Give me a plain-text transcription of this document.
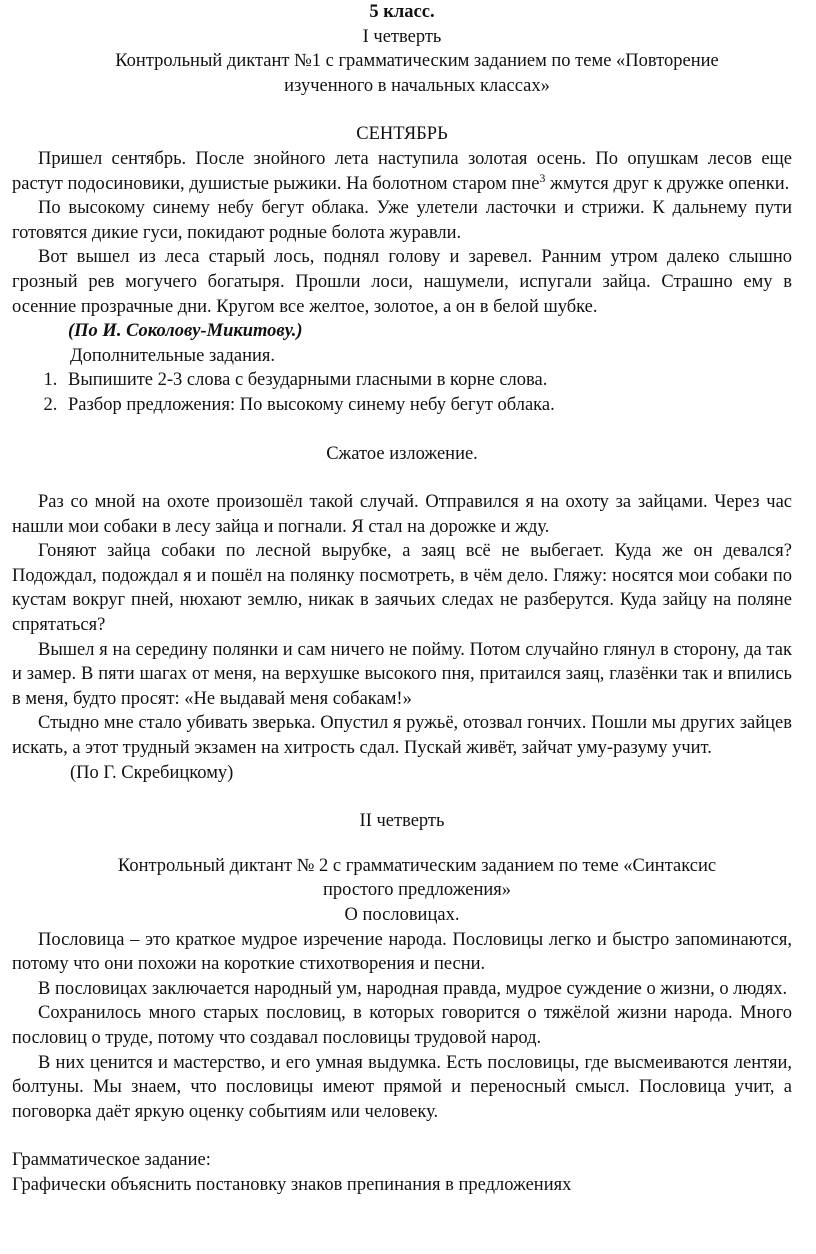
5 класс.

I четверть

Контрольный диктант №1 с грамматическим заданием по теме «Повторение изученного в начальных классах»

СЕНТЯБРЬ

Пришел сентябрь. После знойного лета наступила золотая осень. По опушкам лесов еще растут подосиновики, душистые рыжики. На болотном старом пне$^3$ жмутся друг к дружке опенки.

По высокому синему небу бегут облака. Уже улетели ласточки и стрижи. К дальнему пути готовятся дикие гуси, покидают родные болота журавли.

Вот вышел из леса старый лось, поднял голову и заревел. Ранним утром далеко слышно грозный рев могучего богатыря. Прошли лоси, нашумели, испугали зайца. Страшно ему в осенние прозрачные дни. Кругом все желтое, золотое, а он в белой шубке.

(По И. Соколову-Микитову.)

Дополнительные задания.

1. Выпишите 2-3 слова с безударными гласными в корне слова.
2. Разбор предложения: По высокому синему небу бегут облака.

Сжатое изложение.

Раз со мной на охоте произошёл такой случай. Отправился я на охоту за зайцами. Через час нашли мои собаки в лесу зайца и погнали. Я стал на дорожке и жду.

Гоняют зайца собаки по лесной вырубке, а заяц всё не выбегает. Куда же он девался? Подождал, подождал я и пошёл на полянку посмотреть, в чём дело. Гляжу: носятся мои собаки по кустам вокруг пней, нюхают землю, никак в заячьих следах не разберутся. Куда зайцу на поляне спрятаться?

Вышел я на середину полянки и сам ничего не пойму. Потом случайно глянул в сторону, да так и замер. В пяти шагах от меня, на верхушке высокого пня, притаился заяц, глазёнки так и впились в меня, будто просят: «Не выдавай меня собакам!»

Стыдно мне стало убивать зверька. Опустил я ружьё, отозвал гончих. Пошли мы других зайцев искать, а этот трудный экзамен на хитрость сдал. Пускай живёт, зайчат уму-разуму учит.

(По Г. Скребицкому)

II четверть

Контрольный диктант № 2 с грамматическим заданием по теме «Синтаксис простого предложения»

О пословицах.

Пословица – это краткое мудрое изречение народа. Пословицы легко и быстро запоминаются, потому что они похожи на короткие стихотворения и песни.

В пословицах заключается народный ум, народная правда, мудрое суждение о жизни, о людях.

Сохранилось много старых пословиц, в которых говорится о тяжёлой жизни народа. Много пословиц о труде, потому что создавал пословицы трудовой народ.

В них ценится и мастерство, и его умная выдумка. Есть пословицы, где высмеиваются лентяи, болтуны. Мы знаем, что пословицы имеют прямой и переносный смысл. Пословица учит, а поговорка даёт яркую оценку событиям или человеку.

Грамматическое задание:

Графически объяснить постановку знаков препинания в предложениях
